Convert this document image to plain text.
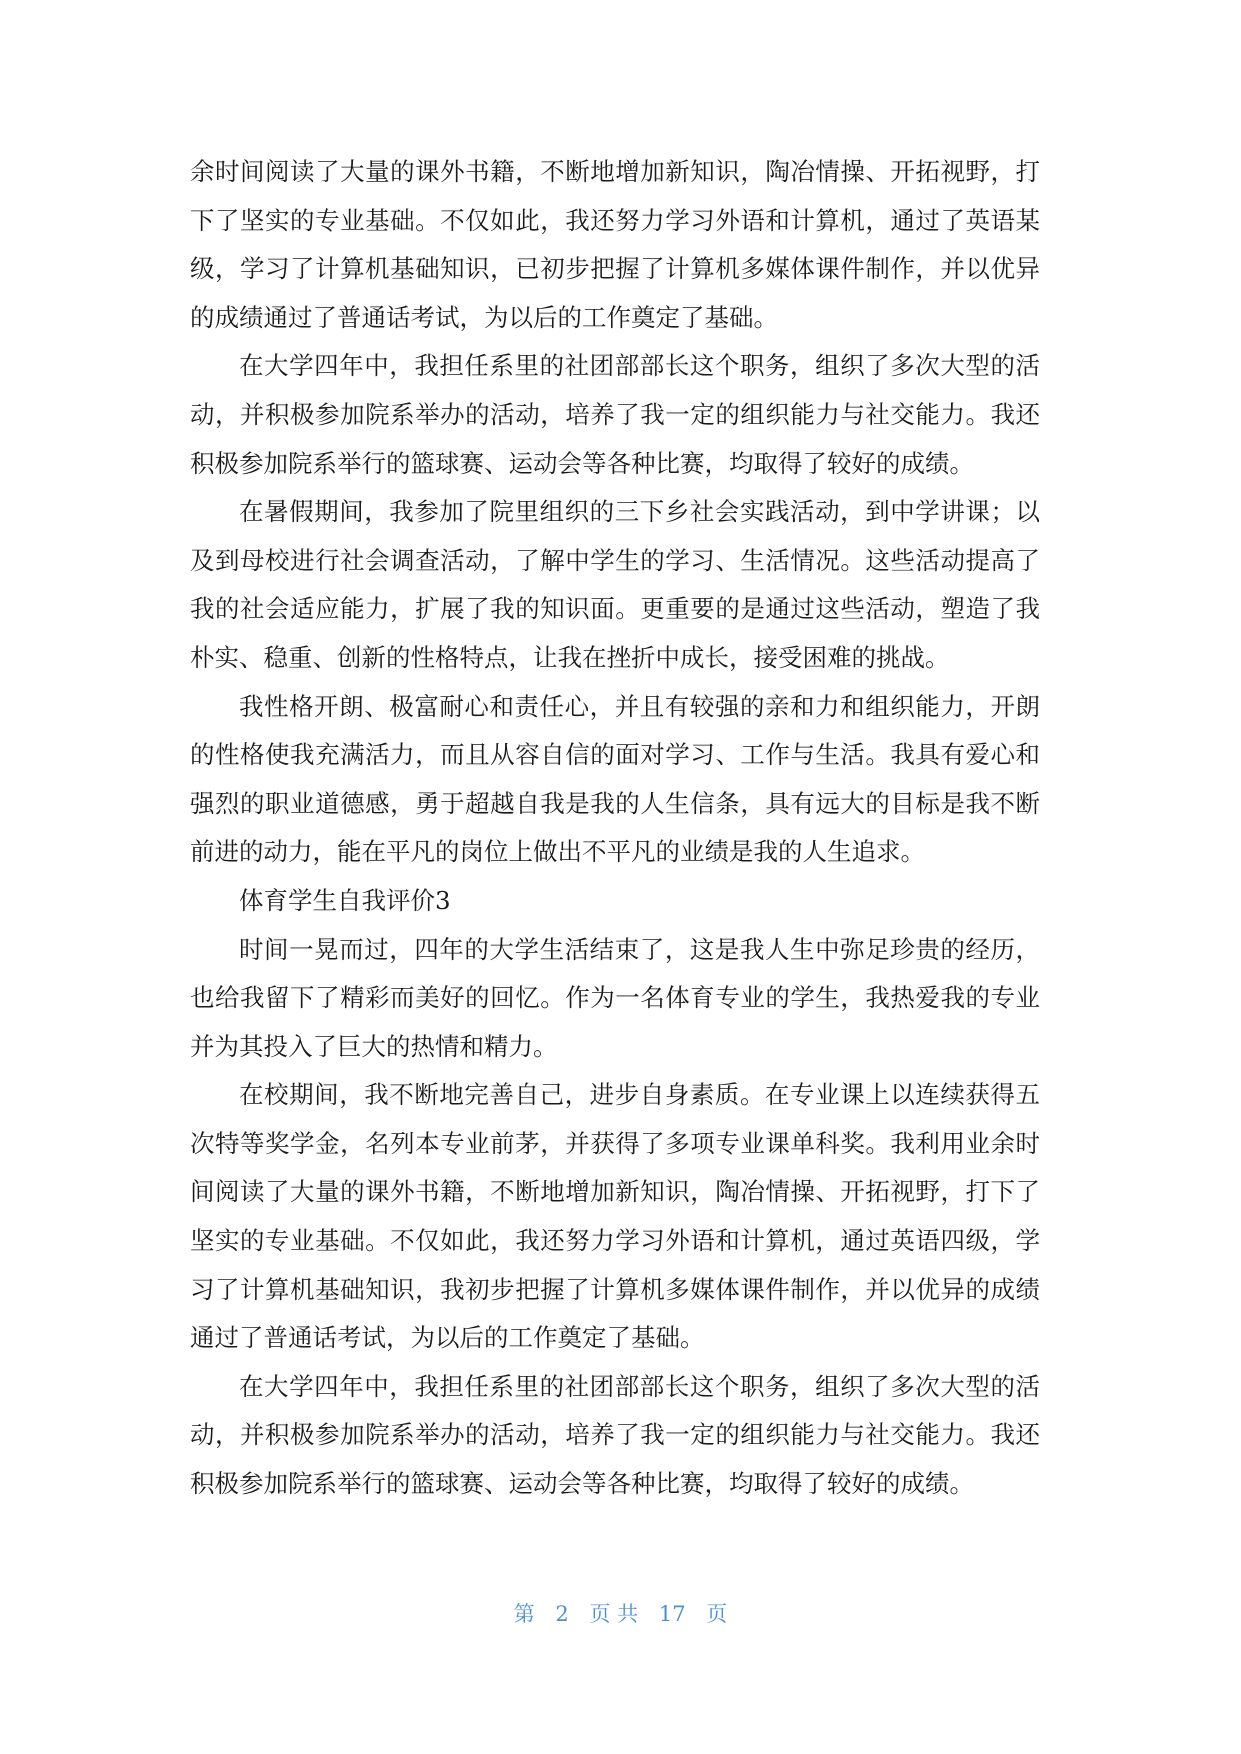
余时间阅读了大量的课外书籍，不断地增加新知识，陶冶情操、开拓视野，打下了坚实的专业基础。不仅如此，我还努力学习外语和计算机，通过了英语某级，学习了计算机基础知识，已初步把握了计算机多媒体课件制作，并以优异的成绩通过了普通话考试，为以后的工作奠定了基础。

在大学四年中，我担任系里的社团部部长这个职务，组织了多次大型的活动，并积极参加院系举办的活动，培养了我一定的组织能力与社交能力。我还积极参加院系举行的篮球赛、运动会等各种比赛，均取得了较好的成绩。

在暑假期间，我参加了院里组织的三下乡社会实践活动，到中学讲课；以及到母校进行社会调查活动，了解中学生的学习、生活情况。这些活动提高了我的社会适应能力，扩展了我的知识面。更重要的是通过这些活动，塑造了我朴实、稳重、创新的性格特点，让我在挫折中成长，接受困难的挑战。

我性格开朗、极富耐心和责任心，并且有较强的亲和力和组织能力，开朗的性格使我充满活力，而且从容自信的面对学习、工作与生活。我具有爱心和强烈的职业道德感，勇于超越自我是我的人生信条，具有远大的目标是我不断前进的动力，能在平凡的岗位上做出不平凡的业绩是我的人生追求。

体育学生自我评价3

时间一晃而过，四年的大学生活结束了，这是我人生中弥足珍贵的经历，也给我留下了精彩而美好的回忆。作为一名体育专业的学生，我热爱我的专业并为其投入了巨大的热情和精力。

在校期间，我不断地完善自己，进步自身素质。在专业课上以连续获得五次特等奖学金，名列本专业前茅，并获得了多项专业课单科奖。我利用业余时间阅读了大量的课外书籍，不断地增加新知识，陶冶情操、开拓视野，打下了坚实的专业基础。不仅如此，我还努力学习外语和计算机，通过英语四级，学习了计算机基础知识，我初步把握了计算机多媒体课件制作，并以优异的成绩通过了普通话考试，为以后的工作奠定了基础。

在大学四年中，我担任系里的社团部部长这个职务，组织了多次大型的活动，并积极参加院系举办的活动，培养了我一定的组织能力与社交能力。我还积极参加院系举行的篮球赛、运动会等各种比赛，均取得了较好的成绩。

第 2 页 共 17 页
